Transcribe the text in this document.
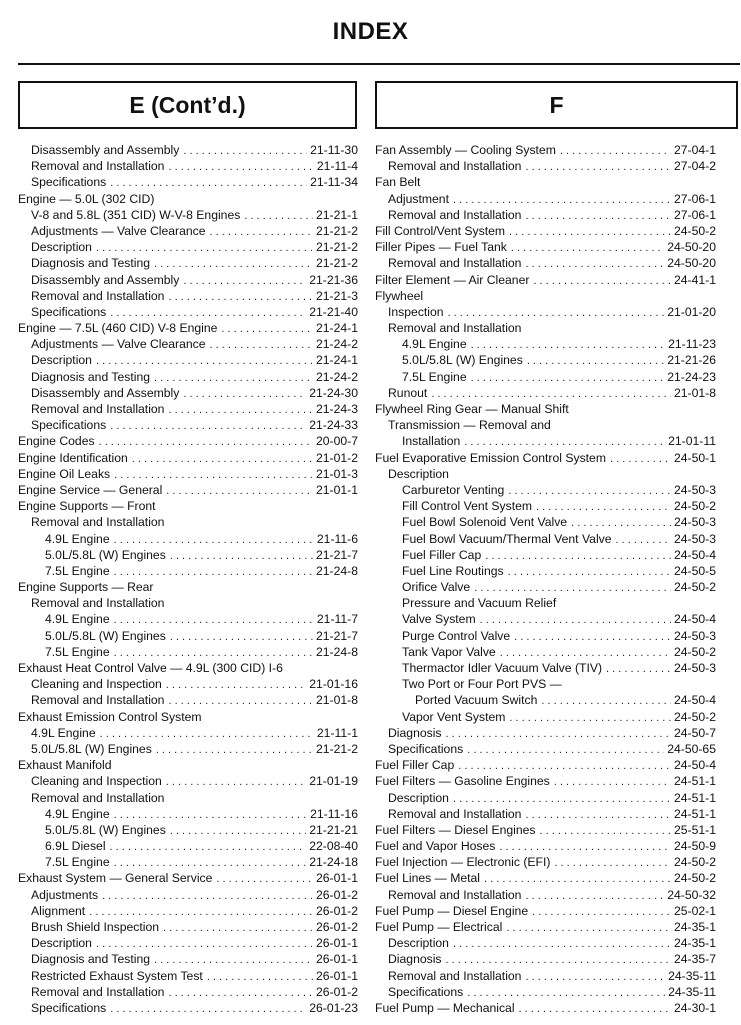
INDEX
E (Cont’d.)	F
Disassembly and Assembly . . .	21-11-30
Removal and Installation . . .	21-11-4
Specifications . . .	21-11-34
Engine — 5.0L (302 CID)
V-8 and 5.8L (351 CID) W-V-8 Engines . . .	21-21-1
Adjustments — Valve Clearance . . .	21-21-2
Description . . .	21-21-2
Diagnosis and Testing . . .	21-21-2
Disassembly and Assembly . . .	21-21-36
Removal and Installation . . .	21-21-3
Specifications . . .	21-21-40
Engine — 7.5L (460 CID) V-8 Engine . . .	21-24-1
Adjustments — Valve Clearance . . .	21-24-2
Description . . .	21-24-1
Diagnosis and Testing . . .	21-24-2
Disassembly and Assembly . . .	21-24-30
Removal and Installation . . .	21-24-3
Specifications . . .	21-24-33
Engine Codes . . .	20-00-7
Engine Identification . . .	21-01-2
Engine Oil Leaks . . .	21-01-3
Engine Service — General . . .	21-01-1
Engine Supports — Front
Removal and Installation
4.9L Engine . . .	21-11-6
5.0L/5.8L (W) Engines . . .	21-21-7
7.5L Engine . . .	21-24-8
Engine Supports — Rear
Removal and Installation
4.9L Engine . . .	21-11-7
5.0L/5.8L (W) Engines . . .	21-21-7
7.5L Engine . . .	21-24-8
Exhaust Heat Control Valve — 4.9L (300 CID) I-6
Cleaning and Inspection . . .	21-01-16
Removal and Installation . . .	21-01-8
Exhaust Emission Control System
4.9L Engine . . .	21-11-1
5.0L/5.8L (W) Engines . . .	21-21-2
Exhaust Manifold
Cleaning and Inspection . . .	21-01-19
Removal and Installation
4.9L Engine . . .	21-11-16
5.0L/5.8L (W) Engines . . .	21-21-21
6.9L Diesel . . .	22-08-40
7.5L Engine . . .	21-24-18
Exhaust System — General Service . . .	26-01-1
Adjustments . . .	26-01-2
Alignment . . .	26-01-2
Brush Shield Inspection . . .	26-01-2
Description . . .	26-01-1
Diagnosis and Testing . . .	26-01-1
Restricted Exhaust System Test . . .	26-01-1
Removal and Installation . . .	26-01-2
Specifications . . .	26-01-23
Fan Assembly — Cooling System . . .	27-04-1
Removal and Installation . . .	27-04-2
Fan Belt
Adjustment . . .	27-06-1
Removal and Installation . . .	27-06-1
Fill Control/Vent System . . .	24-50-2
Filler Pipes — Fuel Tank . . .	24-50-20
Removal and Installation . . .	24-50-20
Filter Element — Air Cleaner . . .	24-41-1
Flywheel
Inspection . . .	21-01-20
Removal and Installation
4.9L Engine . . .	21-11-23
5.0L/5.8L (W) Engines . . .	21-21-26
7.5L Engine . . .	21-24-23
Runout . . .	21-01-8
Flywheel Ring Gear — Manual Shift
Transmission — Removal and
Installation . . .	21-01-11
Fuel Evaporative Emission Control System . . .	24-50-1
Description
Carburetor Venting . . .	24-50-3
Fill Control Vent System . . .	24-50-2
Fuel Bowl Solenoid Vent Valve . . .	24-50-3
Fuel Bowl Vacuum/Thermal Vent Valve . . .	24-50-3
Fuel Filler Cap . . .	24-50-4
Fuel Line Routings . . .	24-50-5
Orifice Valve . . .	24-50-2
Pressure and Vacuum Relief
Valve System . . .	24-50-4
Purge Control Valve . . .	24-50-3
Tank Vapor Valve . . .	24-50-2
Thermactor Idler Vacuum Valve (TIV) . . .	24-50-3
Two Port or Four Port PVS —
Ported Vacuum Switch . . .	24-50-4
Vapor Vent System . . .	24-50-2
Diagnosis . . .	24-50-7
Specifications . . .	24-50-65
Fuel Filler Cap . . .	24-50-4
Fuel Filters — Gasoline Engines . . .	24-51-1
Description . . .	24-51-1
Removal and Installation . . .	24-51-1
Fuel Filters — Diesel Engines . . .	25-51-1
Fuel and Vapor Hoses . . .	24-50-9
Fuel Injection — Electronic (EFI) . . .	24-50-2
Fuel Lines — Metal . . .	24-50-2
Removal and Installation . . .	24-50-32
Fuel Pump — Diesel Engine . . .	25-02-1
Fuel Pump — Electrical . . .	24-35-1
Description . . .	24-35-1
Diagnosis . . .	24-35-7
Removal and Installation . . .	24-35-11
Specifications . . .	24-35-11
Fuel Pump — Mechanical . . .	24-30-1
